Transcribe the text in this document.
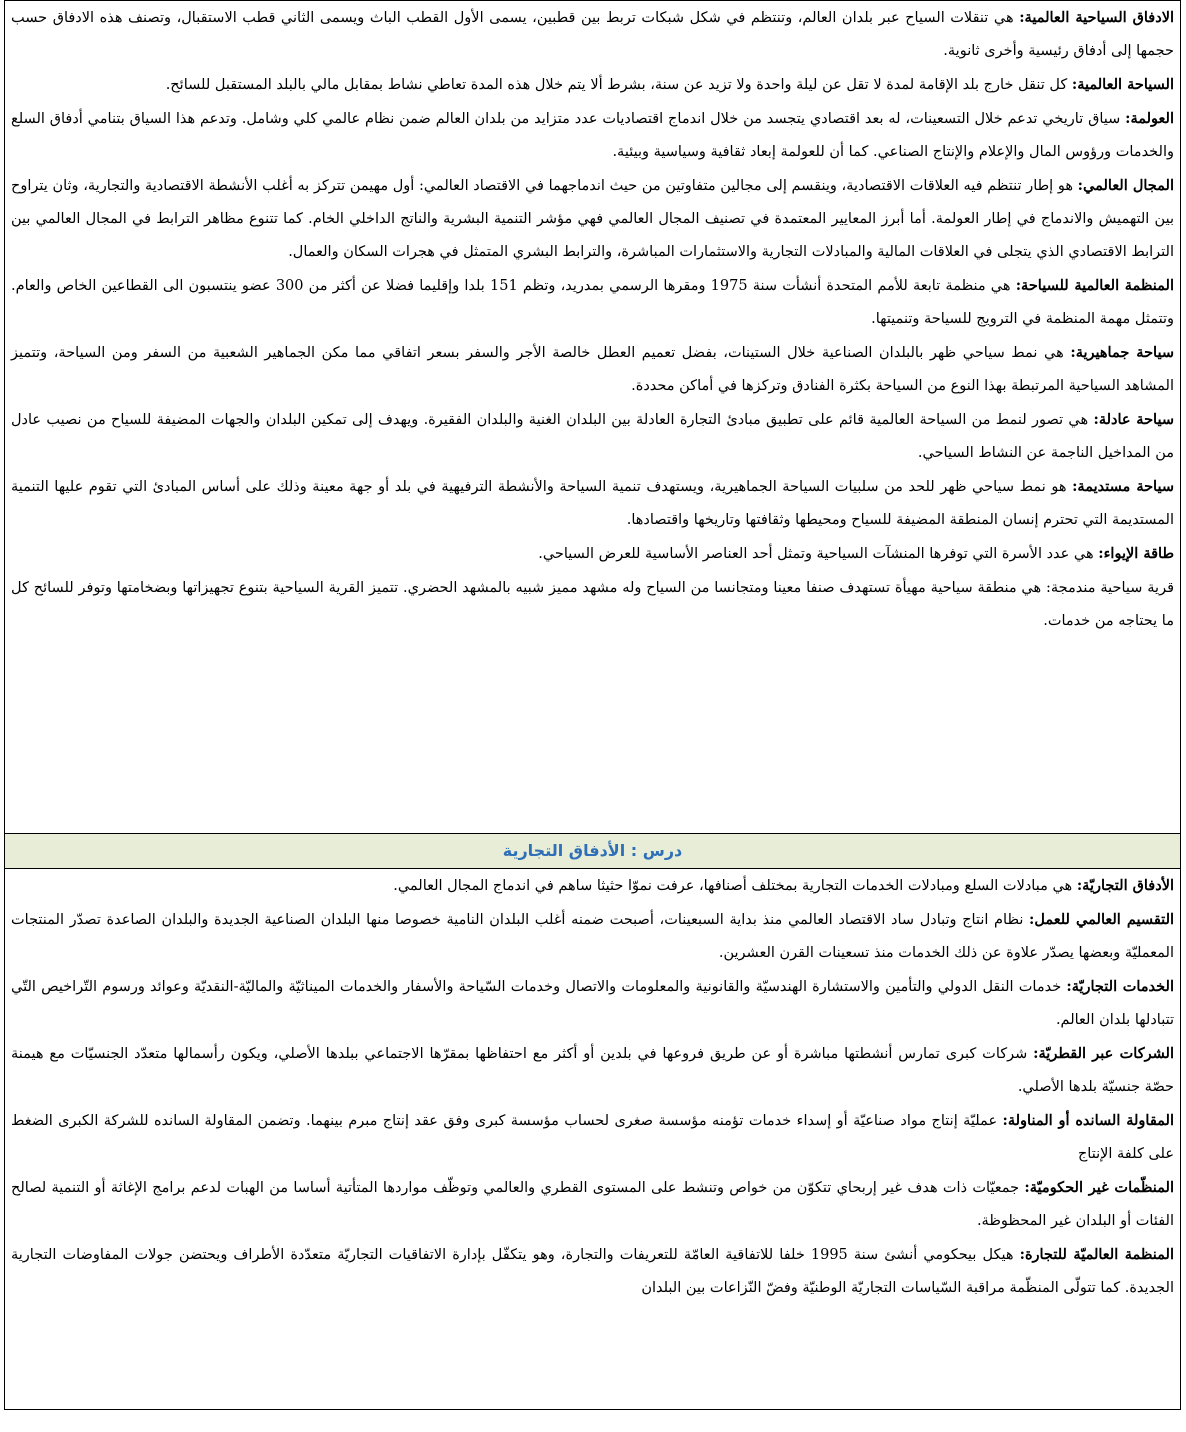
الادفاق السياحية العالمية: هي تنقلات السياح عبر بلدان العالم، وتنتظم في شكل شبكات تربط بين قطبين، يسمى الأول القطب الباث ويسمى الثاني قطب الاستقبال، وتصنف هذه الادفاق حسب حجمها إلى أدفاق رئيسية وأخرى ثانوية.

السياحة العالمية: كل تنقل خارج بلد الإقامة لمدة لا تقل عن ليلة واحدة ولا تزيد عن سنة، بشرط ألا يتم خلال هذه المدة تعاطي نشاط بمقابل مالي بالبلد المستقبل للسائح.

العولمة: سياق تاريخي تدعم خلال التسعينات، له بعد اقتصادي يتجسد من خلال اندماج اقتصاديات عدد متزايد من بلدان العالم ضمن نظام عالمي كلي وشامل. وتدعم هذا السياق بتنامي أدفاق السلع والخدمات ورؤوس المال والإعلام والإنتاج الصناعي. كما أن للعولمة إبعاد ثقافية وسياسية وبيئية.

المجال العالمي: هو إطار تنتظم فيه العلاقات الاقتصادية، وينقسم إلى مجالين متفاوتين من حيث اندماجهما في الاقتصاد العالمي: أول مهيمن تتركز به أغلب الأنشطة الاقتصادية والتجارية، وثان يتراوح بين التهميش والاندماج في إطار العولمة. أما أبرز المعايير المعتمدة في تصنيف المجال العالمي فهي مؤشر التنمية البشرية والناتج الداخلي الخام. كما تتنوع مظاهر الترابط في المجال العالمي بين الترابط الاقتصادي الذي يتجلى في العلاقات المالية والمبادلات التجارية والاستثمارات المباشرة، والترابط البشري المتمثل في هجرات السكان والعمال.

المنظمة العالمية للسياحة: هي منظمة تابعة للأمم المتحدة أنشأت سنة 1975 ومقرها الرسمي بمدريد، وتظم 151 بلدا وإقليما فضلا عن أكثر من 300 عضو ينتسبون الى القطاعين الخاص والعام. وتتمثل مهمة المنظمة في الترويج للسياحة وتنميتها.

سياحة جماهيرية: هي نمط سياحي ظهر بالبلدان الصناعية خلال الستينات، بفضل تعميم العطل خالصة الأجر والسفر بسعر اتفاقي مما مكن الجماهير الشعبية من السفر ومن السياحة، وتتميز المشاهد السياحية المرتبطة بهذا النوع من السياحة بكثرة الفنادق وتركزها في أماكن محددة.

سياحة عادلة: هي تصور لنمط من السياحة العالمية قائم على تطبيق مبادئ التجارة العادلة بين البلدان الغنية والبلدان الفقيرة. ويهدف إلى تمكين البلدان والجهات المضيفة للسياح من نصيب عادل من المداخيل الناجمة عن النشاط السياحي.

سياحة مستديمة: هو نمط سياحي ظهر للحد من سلبيات السياحة الجماهيرية، ويستهدف تنمية السياحة والأنشطة الترفيهية في بلد أو جهة معينة وذلك على أساس المبادئ التي تقوم عليها التنمية المستديمة التي تحترم إنسان المنطقة المضيفة للسياح ومحيطها وثقافتها وتاريخها واقتصادها.

طاقة الإيواء: هي عدد الأسرة التي توفرها المنشآت السياحية وتمثل أحد العناصر الأساسية للعرض السياحي.

قرية سياحية مندمجة: هي منطقة سياحية مهيأة تستهدف صنفا معينا ومتجانسا من السياح وله مشهد مميز شبيه بالمشهد الحضري. تتميز القرية السياحية بتنوع تجهيزاتها وبضخامتها وتوفر للسائح كل ما يحتاجه من خدمات.

درس : الأدفاق التجارية

الأدفاق التجاريّة: هي مبادلات السلع ومبادلات الخدمات التجارية بمختلف أصنافها، عرفت نموّا حثيثا ساهم في اندماج المجال العالمي.

التقسيم العالمي للعمل: نظام انتاج وتبادل ساد الاقتصاد العالمي منذ بداية السبعينات، أصبحت ضمنه أغلب البلدان النامية خصوصا منها البلدان الصناعية الجديدة والبلدان الصاعدة تصدّر المنتجات المعمليّة وبعضها يصدّر علاوة عن ذلك الخدمات منذ تسعينات القرن العشرين.

الخدمات التجاريّة: خدمات النقل الدولي والتأمين والاستشارة الهندسيّة والقانونية والمعلومات والاتصال وخدمات السّياحة والأسفار والخدمات الميناثيّة والماليّة-النقديّة وعوائد ورسوم التّراخيص التّي تتبادلها بلدان العالم.

الشركات عبر القطريّة: شركات كبرى تمارس أنشطتها مباشرة أو عن طريق فروعها في بلدين أو أكثر مع احتفاظها بمقرّها الاجتماعي ببلدها الأصلي، ويكون رأسمالها متعدّد الجنسيّات مع هيمنة حصّة جنسيّة بلدها الأصلي.

المقاولة السانده أو المناولة: عمليّة إنتاج مواد صناعيّة أو إسداء خدمات تؤمنه مؤسسة صغرى لحساب مؤسسة كبرى وفق عقد إنتاج مبرم بينهما. وتضمن المقاولة السانده للشركة الكبرى الضغط على كلفة الإنتاج

المنظّمات غير الحكوميّة: جمعيّات ذات هدف غير إربحاي تتكوّن من خواص وتنشط على المستوى القطري والعالمي وتوظّف مواردها المتأتية أساسا من الهبات لدعم برامج الإغاثة أو التنمية لصالح الفئات أو البلدان غير المحظوظة.

المنظمة العالميّة للتجارة: هيكل بيحكومي أنشئ سنة 1995 خلفا للاتفاقية العامّة للتعريفات والتجارة، وهو يتكفّل بإدارة الاتفاقيات التجاريّة متعدّدة الأطراف ويحتضن جولات المفاوضات التجارية الجديدة. كما تتولّى المنظّمة مراقبة السّياسات التجاريّة الوطنيّة وفضّ النّزاعات بين البلدان
